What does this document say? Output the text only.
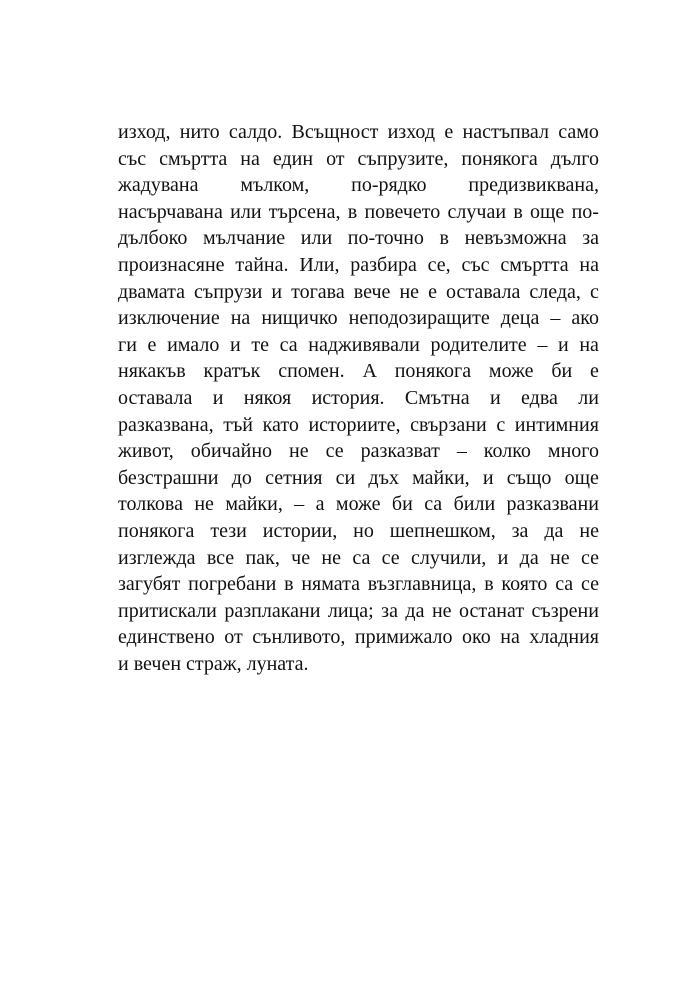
изход, нито салдо. Всъщност изход е настъпвал само
със смъртта на един от съпрузите, понякога дълго
жадувана мълком, по-рядко предизвиквана,
насърчавана или търсена, в повечето случаи в още по-
дълбоко мълчание или по-точно в невъзможна за
произнасяне тайна. Или, разбира се, със смъртта на
двамата съпрузи и тогава вече не е оставала следа, с
изключение на нищичко неподозиращите деца – ако
ги е имало и те са надживявали родителите – и на
някакъв кратък спомен. А понякога може би е
оставала и някоя история. Смътна и едва ли
разказвана, тъй като историите, свързани с интимния
живот, обичайно не се разказват – колко много
безстрашни до сетния си дъх майки, и също още
толкова не майки, – а може би са били разказвани
понякога тези истории, но шепнешком, за да не
изглежда все пак, че не са се случили, и да не се
загубят погребани в нямата възглавница, в която са се
притискали разплакани лица; за да не останат съзрени
единствено от сънливото, примижало око на хладния
и вечен страж, луната.
